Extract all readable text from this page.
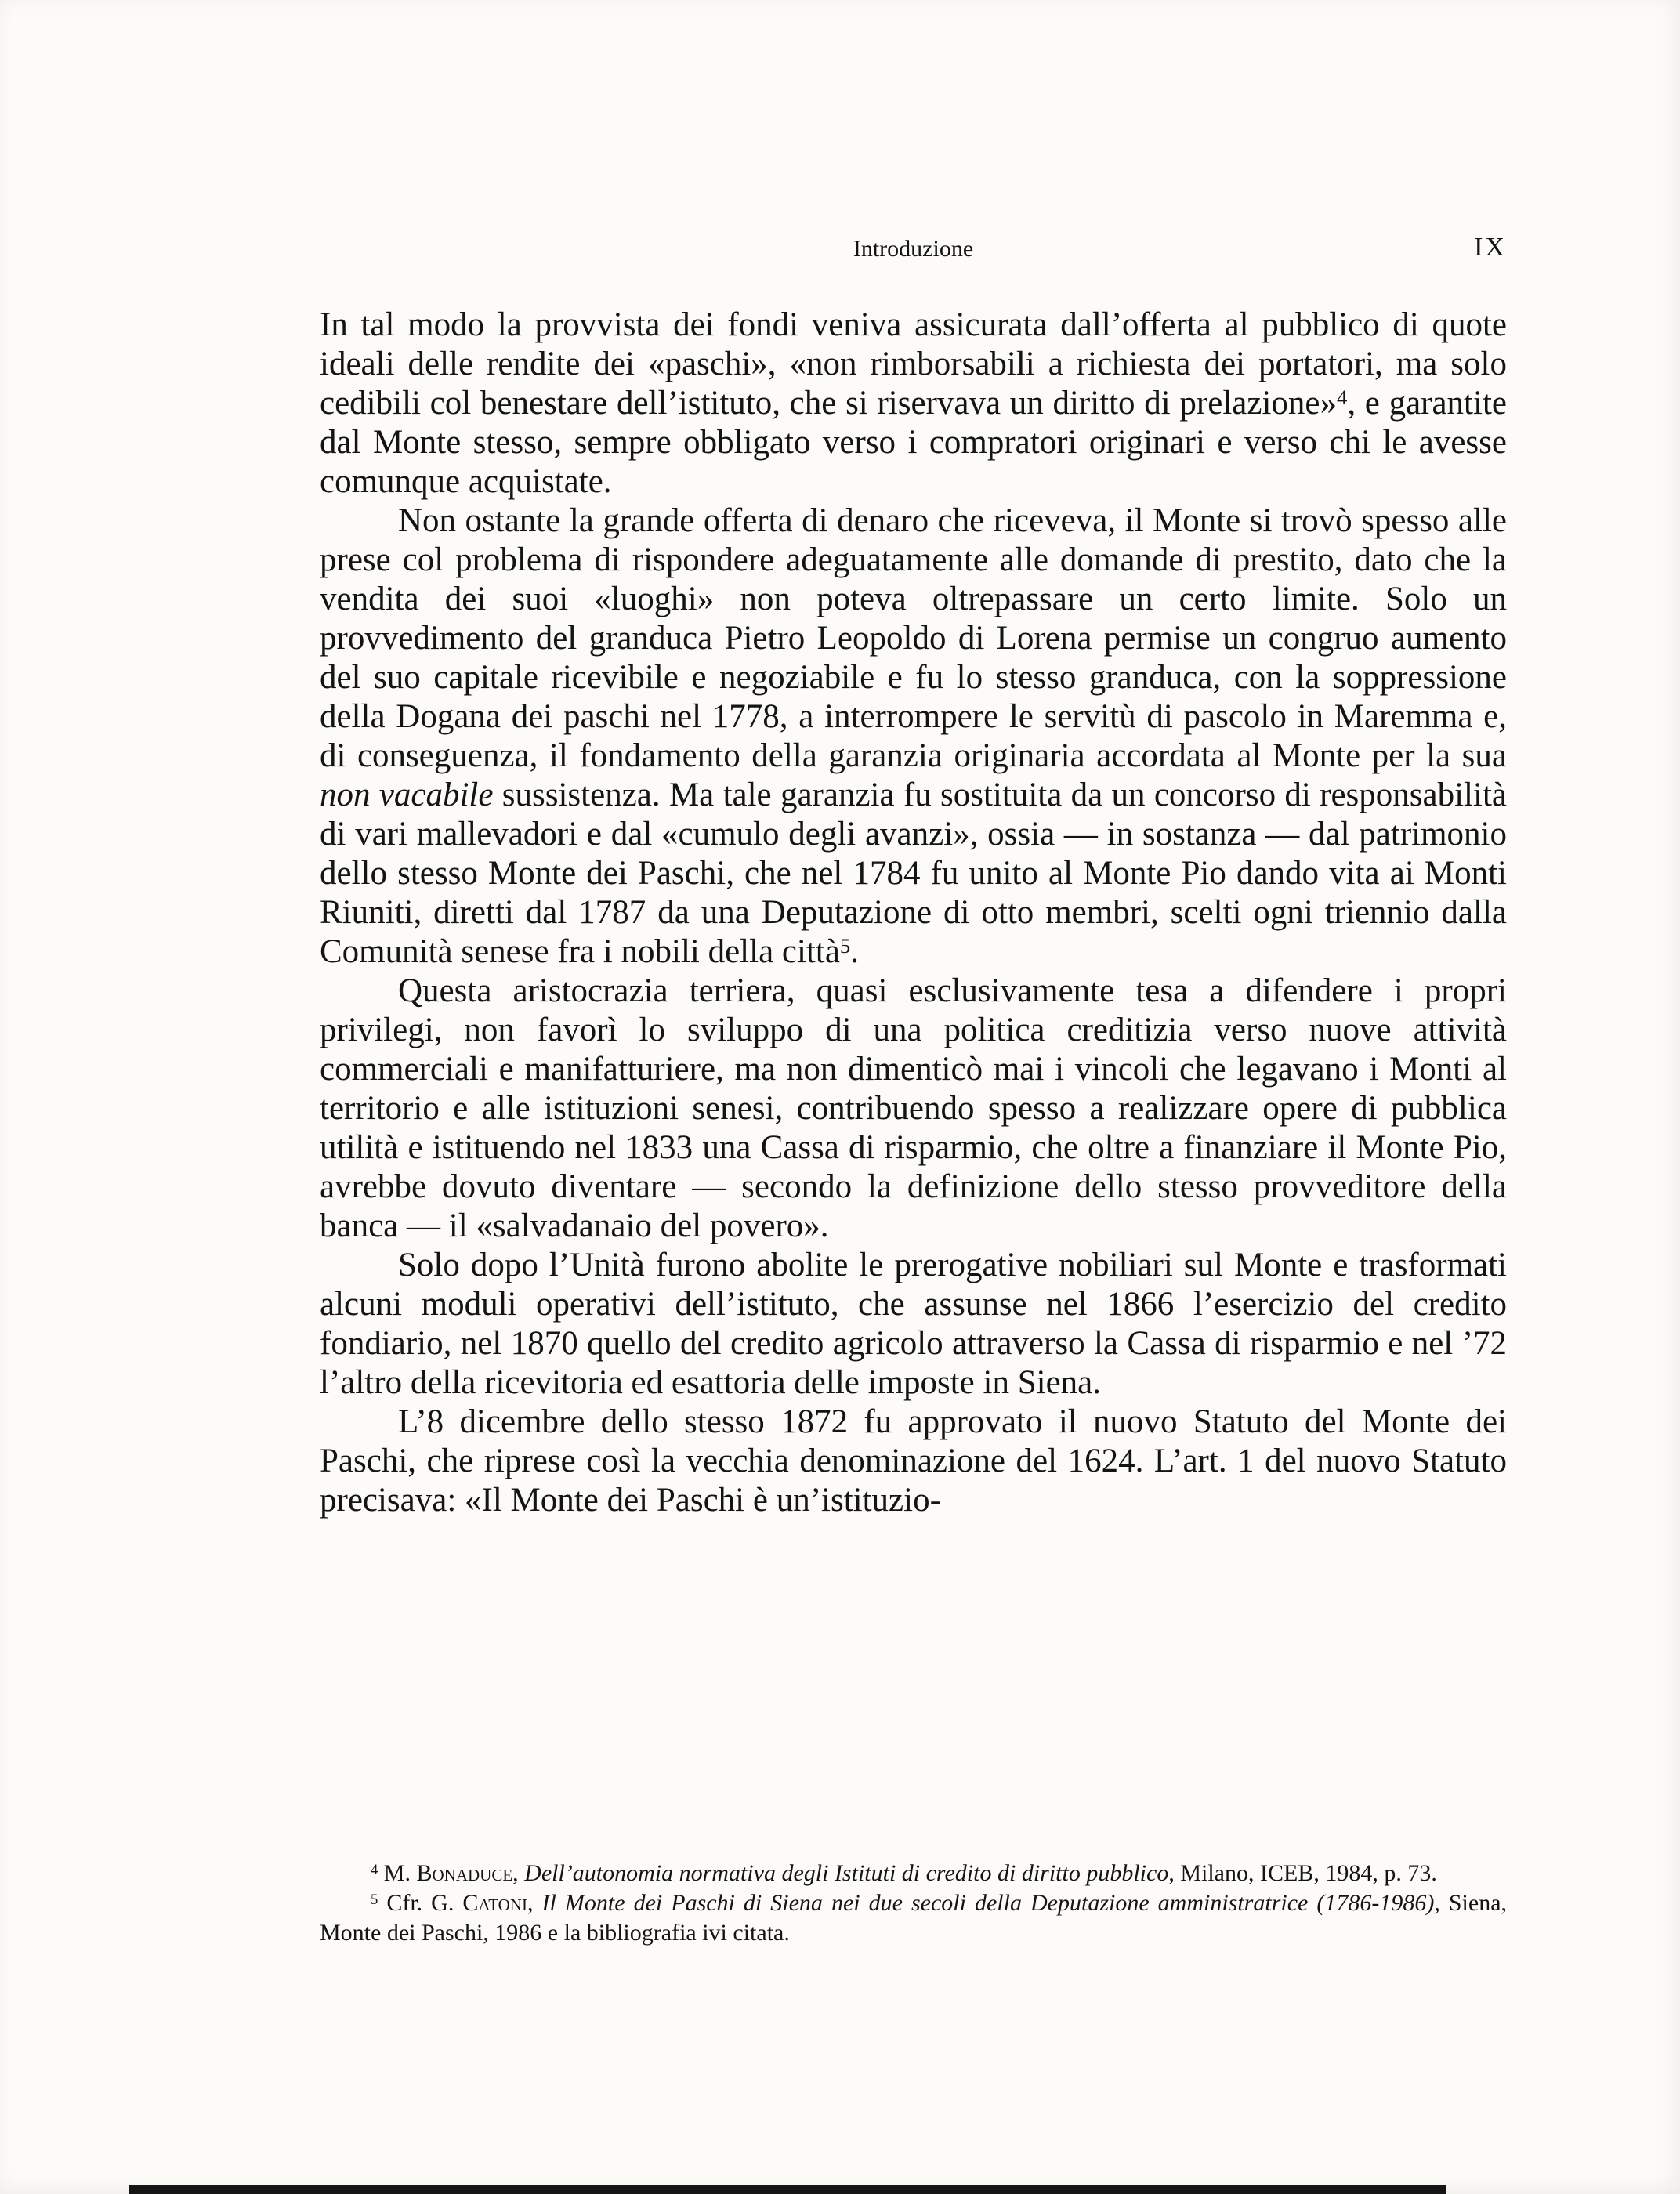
Introduzione	IX

In tal modo la provvista dei fondi veniva assicurata dall’offerta al pubblico di quote ideali delle rendite dei «paschi», «non rimborsabili a richiesta dei portatori, ma solo cedibili col benestare dell’istituto, che si riservava un diritto di prelazione»$^4$, e garantite dal Monte stesso, sempre obbligato verso i compratori originari e verso chi le avesse comunque acquistate.

Non ostante la grande offerta di denaro che riceveva, il Monte si trovò spesso alle prese col problema di rispondere adeguatamente alle domande di prestito, dato che la vendita dei suoi «luoghi» non poteva oltrepassare un certo limite. Solo un provvedimento del granduca Pietro Leopoldo di Lorena permise un congruo aumento del suo capitale ricevibile e negoziabile e fu lo stesso granduca, con la soppressione della Dogana dei paschi nel 1778, a interrompere le servitù di pascolo in Maremma e, di conseguenza, il fondamento della garanzia originaria accordata al Monte per la sua non vacabile sussistenza. Ma tale garanzia fu sostituita da un concorso di responsabilità di vari mallevadori e dal «cumulo degli avanzi», ossia — in sostanza — dal patrimonio dello stesso Monte dei Paschi, che nel 1784 fu unito al Monte Pio dando vita ai Monti Riuniti, diretti dal 1787 da una Deputazione di otto membri, scelti ogni triennio dalla Comunità senese fra i nobili della città$^5$.

Questa aristocrazia terriera, quasi esclusivamente tesa a difendere i propri privilegi, non favorì lo sviluppo di una politica creditizia verso nuove attività commerciali e manifatturiere, ma non dimenticò mai i vincoli che legavano i Monti al territorio e alle istituzioni senesi, contribuendo spesso a realizzare opere di pubblica utilità e istituendo nel 1833 una Cassa di risparmio, che oltre a finanziare il Monte Pio, avrebbe dovuto diventare — secondo la definizione dello stesso provveditore della banca — il «salvadanaio del povero».

Solo dopo l’Unità furono abolite le prerogative nobiliari sul Monte e trasformati alcuni moduli operativi dell’istituto, che assunse nel 1866 l’esercizio del credito fondiario, nel 1870 quello del credito agricolo attraverso la Cassa di risparmio e nel ’72 l’altro della ricevitoria ed esattoria delle imposte in Siena.

L’8 dicembre dello stesso 1872 fu approvato il nuovo Statuto del Monte dei Paschi, che riprese così la vecchia denominazione del 1624. L’art. 1 del nuovo Statuto precisava: «Il Monte dei Paschi è un’istituzio-

$^4$ M. Bonaduce, Dell’autonomia normativa degli Istituti di credito di diritto pubblico, Milano, ICEB, 1984, p. 73.

$^5$ Cfr. G. Catoni, Il Monte dei Paschi di Siena nei due secoli della Deputazione amministratrice (1786-1986), Siena, Monte dei Paschi, 1986 e la bibliografia ivi citata.
